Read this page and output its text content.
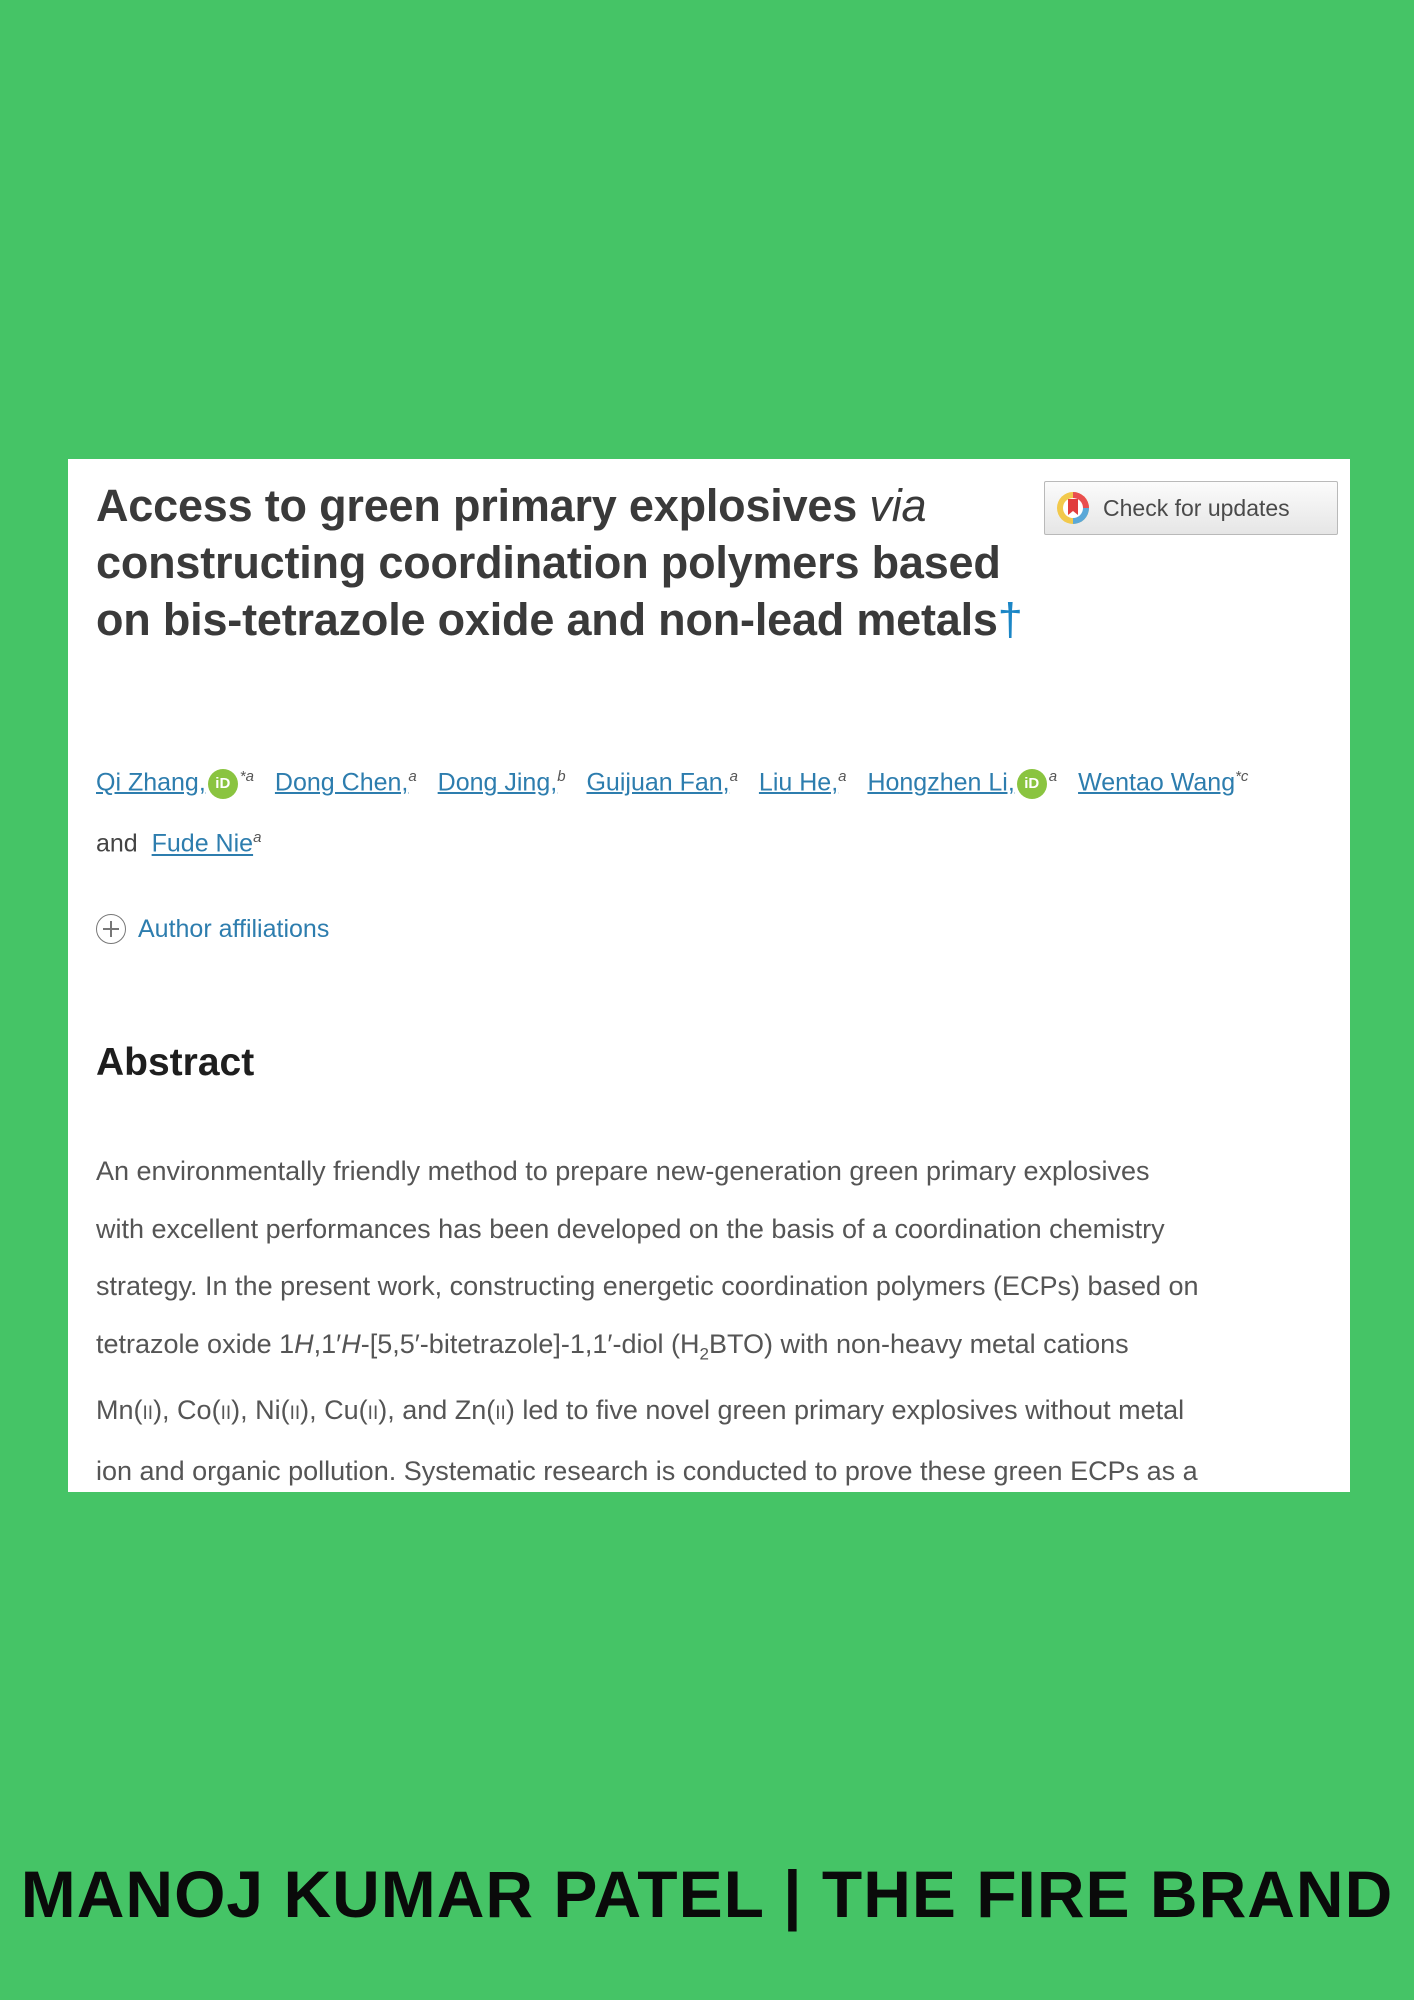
Access to green primary explosives via constructing coordination polymers based on bis-tetrazole oxide and non-lead metals†
Check for updates
Qi Zhang, iD $^{*a}$ Dong Chen,$^a$ Dong Jing,$^b$ Guijuan Fan,$^a$ Liu He,$^a$ Hongzhen Li, iD $^a$ Wentao Wang$^{*c}$
and Fude Nie$^a$
Author affiliations
Abstract

An environmentally friendly method to prepare new-generation green primary explosives
with excellent performances has been developed on the basis of a coordination chemistry
strategy. In the present work, constructing energetic coordination polymers (ECPs) based on
tetrazole oxide 1H,1′H-[5,5′-bitetrazole]-1,1′-diol $(H_2BTO)$ with non-heavy metal cations
Mn(II), Co(II), Ni(II), Cu(II), and Zn(II) led to five novel green primary explosives without metal
ion and organic pollution. Systematic research is conducted to prove these green ECPs as a

MANOJ KUMAR PATEL | THE FIRE BRAND
